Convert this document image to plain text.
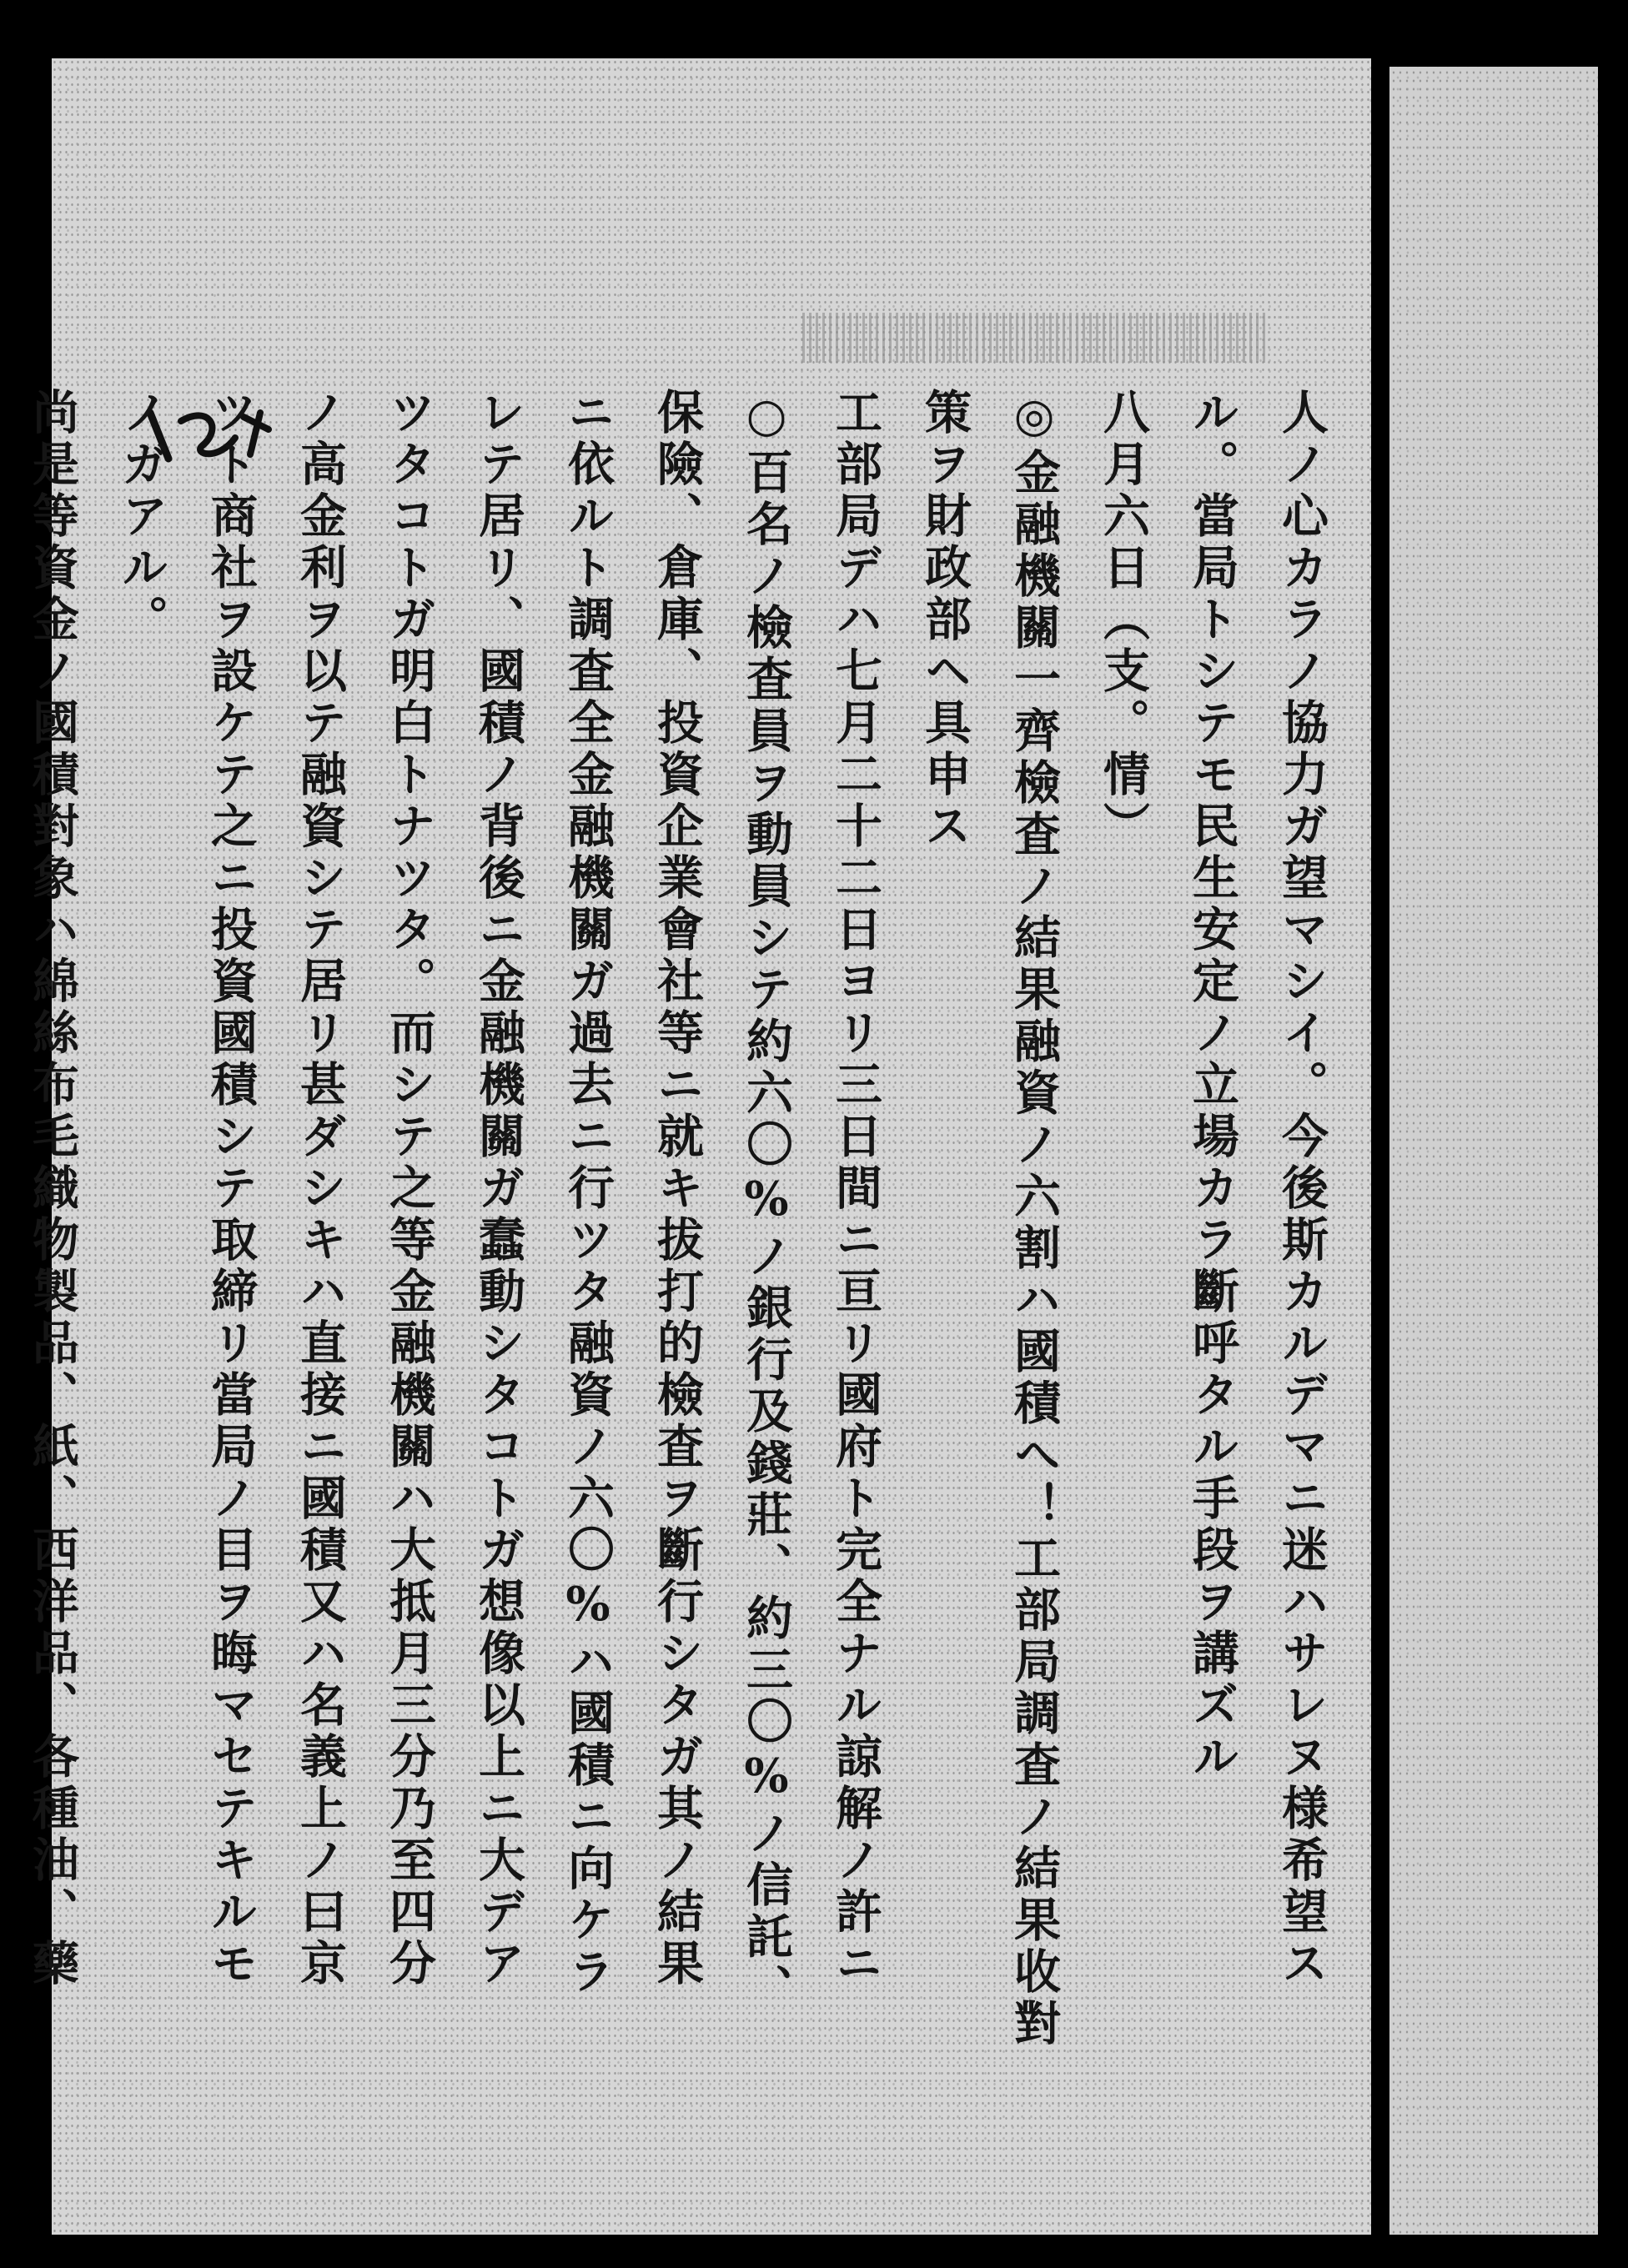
人ノ心カラノ協力ガ望マシイ。今後斯カルデマニ迷ハサレヌ様希望ス
ル。當局トシテモ民生安定ノ立場カラ斷呼タル手段ヲ講ズル
八月六日（支。情）
◎金融機關一齊檢査ノ結果融資ノ六割ハ國積へ！工部局調査ノ結果收對
策ヲ財政部ヘ具申ス
工部局デハ七月二十二日ヨリ三日間ニ亘リ國府ト完全ナル諒解ノ許ニ
○百名ノ檢査員ヲ動員シテ約六〇%ノ銀行及錢莊、約三〇%ノ信託、
保險、倉庫、投資企業會社等ニ就キ拔打的檢査ヲ斷行シタガ其ノ結果
ニ依ルト調査全金融機關ガ過去ニ行ツタ融資ノ六〇%ハ國積ニ向ケラ
レテ居リ、國積ノ背後ニ金融機關ガ蠢動シタコトガ想像以上ニ大デア
ツタコトガ明白トナツタ。而シテ之等金融機關ハ大抵月三分乃至四分
ノ高金利ヲ以テ融資シテ居リ甚ダシキハ直接ニ國積又ハ名義上ノ曰京
ツト商社ヲ設ケテ之ニ投資國積シテ取締リ當局ノ目ヲ晦マセテキルモ
ノガアル。
尚是等資金ノ國積對象ハ綿絲布毛織物製品、紙、西洋品、各種油、藥
